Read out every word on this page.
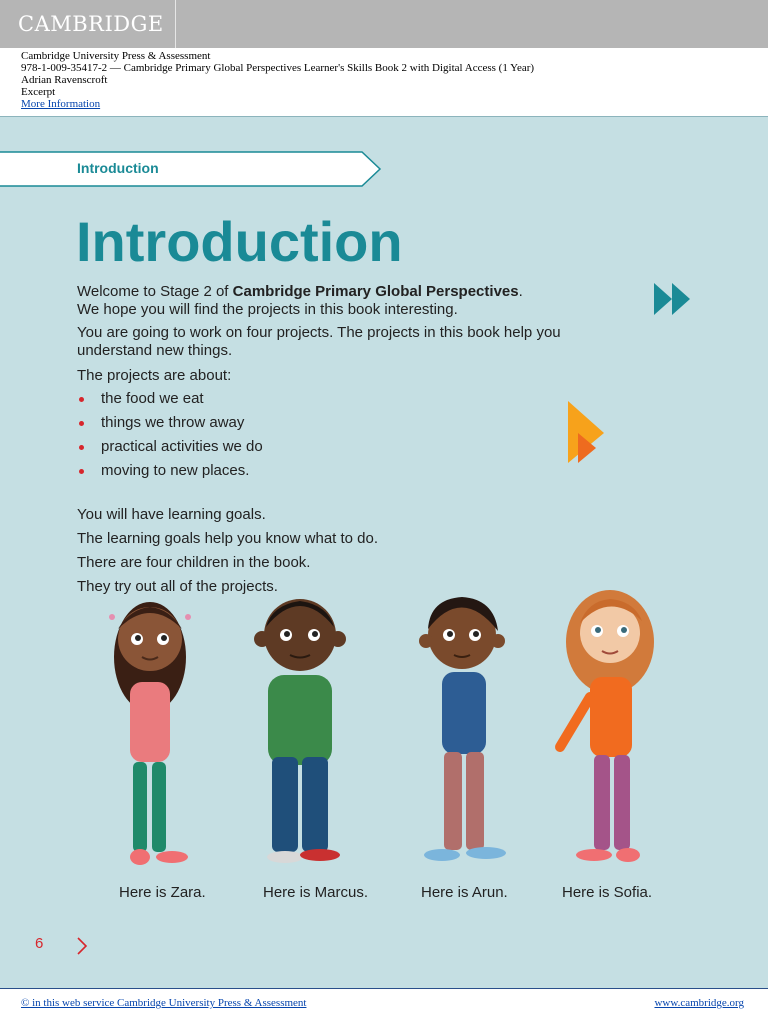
CAMBRIDGE
Cambridge University Press & Assessment
978-1-009-35417-2 — Cambridge Primary Global Perspectives Learner's Skills Book 2 with Digital Access (1 Year)
Adrian Ravenscroft
Excerpt
More Information
Introduction
Introduction
Welcome to Stage 2 of Cambridge Primary Global Perspectives.
We hope you will find the projects in this book interesting.
You are going to work on four projects. The projects in this book help you understand new things.
The projects are about:
the food we eat
things we throw away
practical activities we do
moving to new places.
You will have learning goals.
The learning goals help you know what to do.
There are four children in the book.
They try out all of the projects.
Here is Zara.	Here is Marcus.	Here is Arun.	Here is Sofia.
6
© in this web service Cambridge University Press & Assessment	www.cambridge.org
